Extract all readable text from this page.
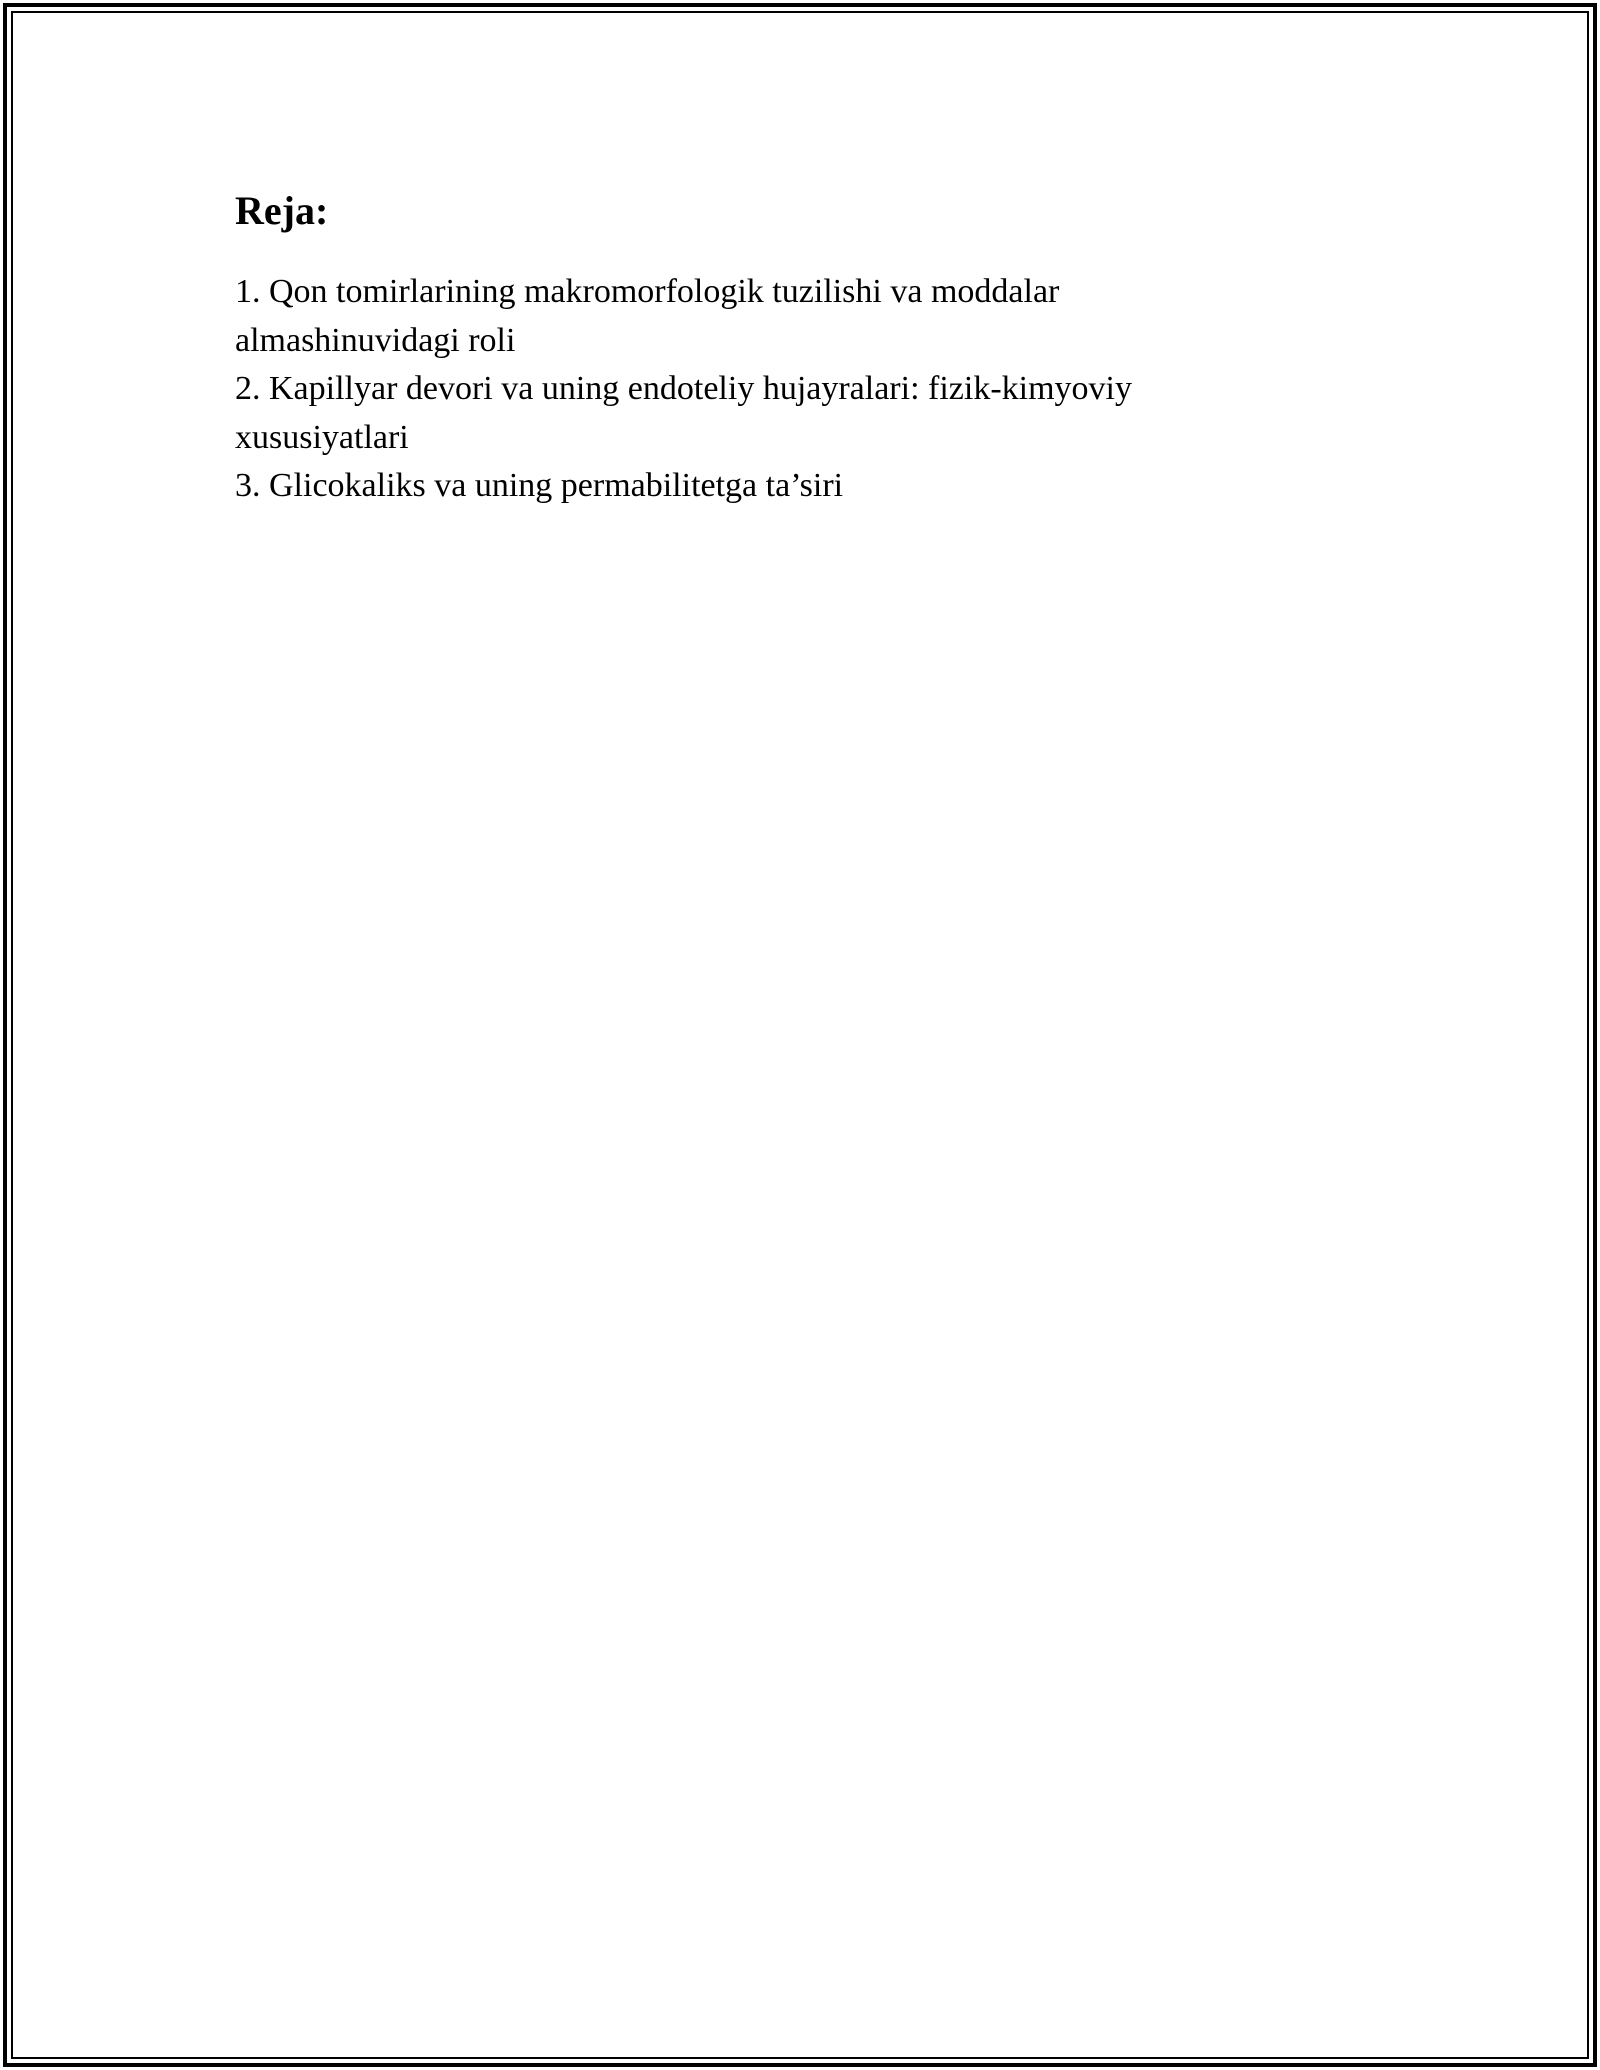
Reja:
1. Qon tomirlarining makromorfologik tuzilishi va moddalar almashinuvidagi roli
2. Kapillyar devori va uning endoteliy hujayralari: fizik-kimyoviy xususiyatlari
3. Glicokaliks va uning permabilitetga ta’siri
